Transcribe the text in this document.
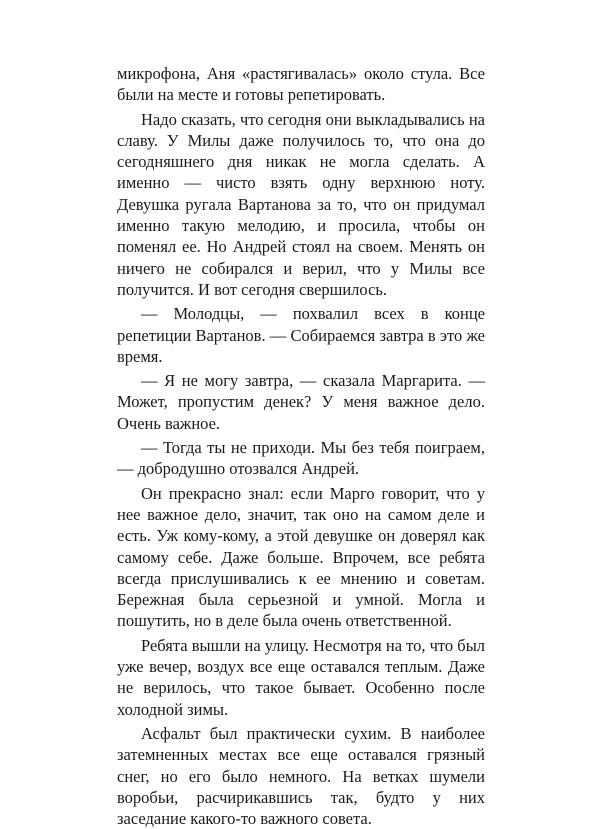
микрофона, Аня «растягивалась» около стула. Все были на месте и готовы репетировать.

Надо сказать, что сегодня они выкладывались на славу. У Милы даже получилось то, что она до сегодняшнего дня никак не могла сделать. А именно — чисто взять одну верхнюю ноту. Девушка ругала Вартанова за то, что он придумал именно такую мелодию, и просила, чтобы он поменял ее. Но Андрей стоял на своем. Менять он ничего не собирался и верил, что у Милы все получится. И вот сегодня свершилось.

— Молодцы, — похвалил всех в конце репетиции Вартанов. — Собираемся завтра в это же время.

— Я не могу завтра, — сказала Маргарита. — Может, пропустим денек? У меня важное дело. Очень важное.

— Тогда ты не приходи. Мы без тебя поиграем, — добродушно отозвался Андрей.

Он прекрасно знал: если Марго говорит, что у нее важное дело, значит, так оно на самом деле и есть. Уж кому-кому, а этой девушке он доверял как самому себе. Даже больше. Впрочем, все ребята всегда прислушивались к ее мнению и советам. Бережная была серьезной и умной. Могла и пошутить, но в деле была очень ответственной.

Ребята вышли на улицу. Несмотря на то, что был уже вечер, воздух все еще оставался теплым. Даже не верилось, что такое бывает. Особенно после холодной зимы.

Асфальт был практически сухим. В наиболее затемненных местах все еще оставался грязный снег, но его было немного. На ветках шумели воробьи, расчирикавшись так, будто у них заседание какого-то важного совета.
